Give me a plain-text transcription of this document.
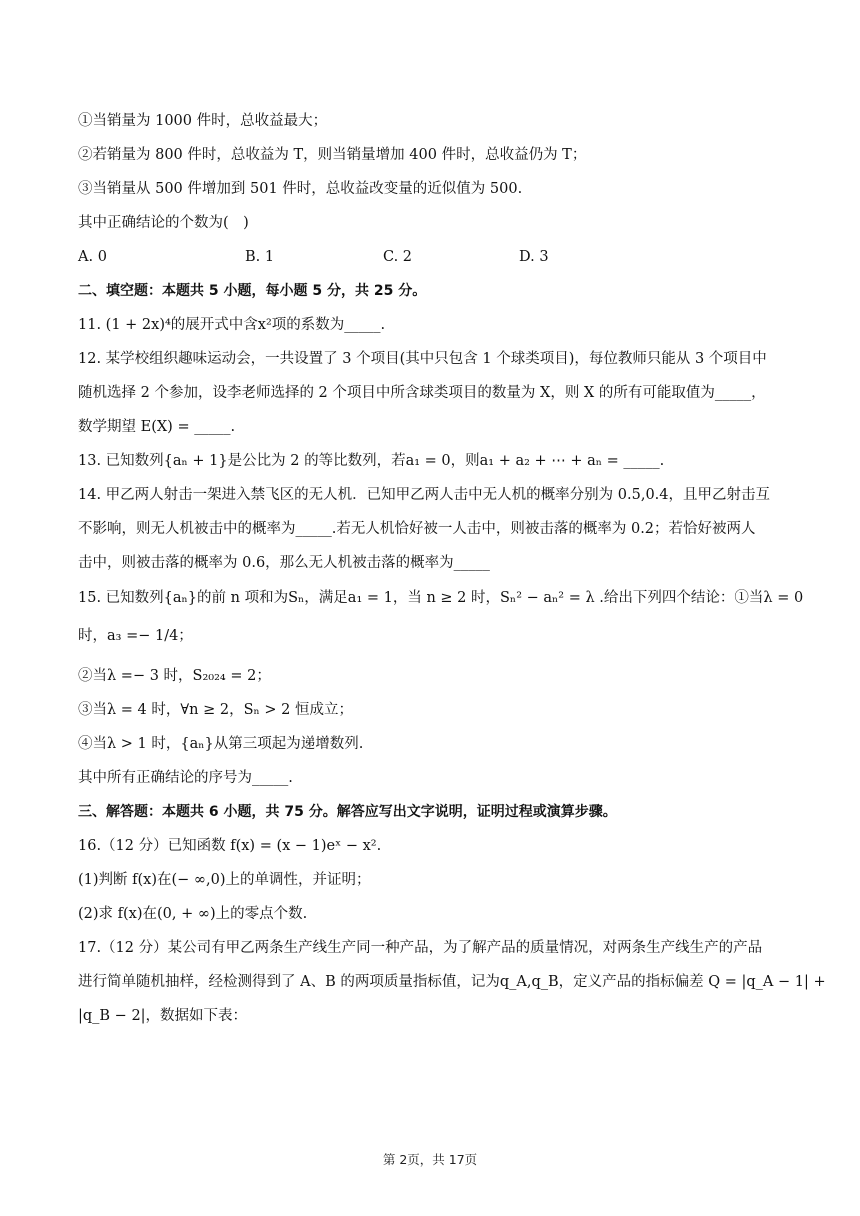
①当销量为 1000 件时，总收益最大；
②若销量为 800 件时，总收益为 T，则当销量增加 400 件时，总收益仍为 T；
③当销量从 500 件增加到 501 件时，总收益改变量的近似值为 500.
其中正确结论的个数为(　)
A. 0	B. 1	C. 2	D. 3
二、填空题：本题共 5 小题，每小题 5 分，共 25 分。
11. (1 + 2x)⁴的展开式中含x²项的系数为_____.
12. 某学校组织趣味运动会，一共设置了 3 个项目(其中只包含 1 个球类项目)，每位教师只能从 3 个项目中
随机选择 2 个参加，设李老师选择的 2 个项目中所含球类项目的数量为 X，则 X 的所有可能取值为_____，
数学期望 E(X) = _____.
13. 已知数列{aₙ + 1}是公比为 2 的等比数列，若a₁ = 0，则a₁ + a₂ + ⋯ + aₙ = _____.
14. 甲乙两人射击一架进入禁飞区的无人机．已知甲乙两人击中无人机的概率分别为 0.5,0.4，且甲乙射击互
不影响，则无人机被击中的概率为_____.若无人机恰好被一人击中，则被击落的概率为 0.2；若恰好被两人
击中，则被击落的概率为 0.6，那么无人机被击落的概率为_____
15. 已知数列{aₙ}的前 n 项和为Sₙ，满足a₁ = 1，当 n ≥ 2 时，Sₙ² − aₙ² = λ .给出下列四个结论：①当λ = 0
时，a₃ =− 1/4；
②当λ =− 3 时，S₂₀₂₄ = 2；
③当λ = 4 时，∀n ≥ 2，Sₙ > 2 恒成立；
④当λ > 1 时，{aₙ}从第三项起为递增数列.
其中所有正确结论的序号为_____.
三、解答题：本题共 6 小题，共 75 分。解答应写出文字说明，证明过程或演算步骤。
16.（12 分）已知函数 f(x) = (x − 1)eˣ − x².
(1)判断 f(x)在(− ∞,0)上的单调性，并证明；
(2)求 f(x)在(0, + ∞)上的零点个数.
17.（12 分）某公司有甲乙两条生产线生产同一种产品，为了解产品的质量情况，对两条生产线生产的产品
进行简单随机抽样，经检测得到了 A、B 的两项质量指标值，记为q_A,q_B，定义产品的指标偏差 Q = |q_A − 1| +
|q_B − 2|，数据如下表：
第 2页，共 17页
